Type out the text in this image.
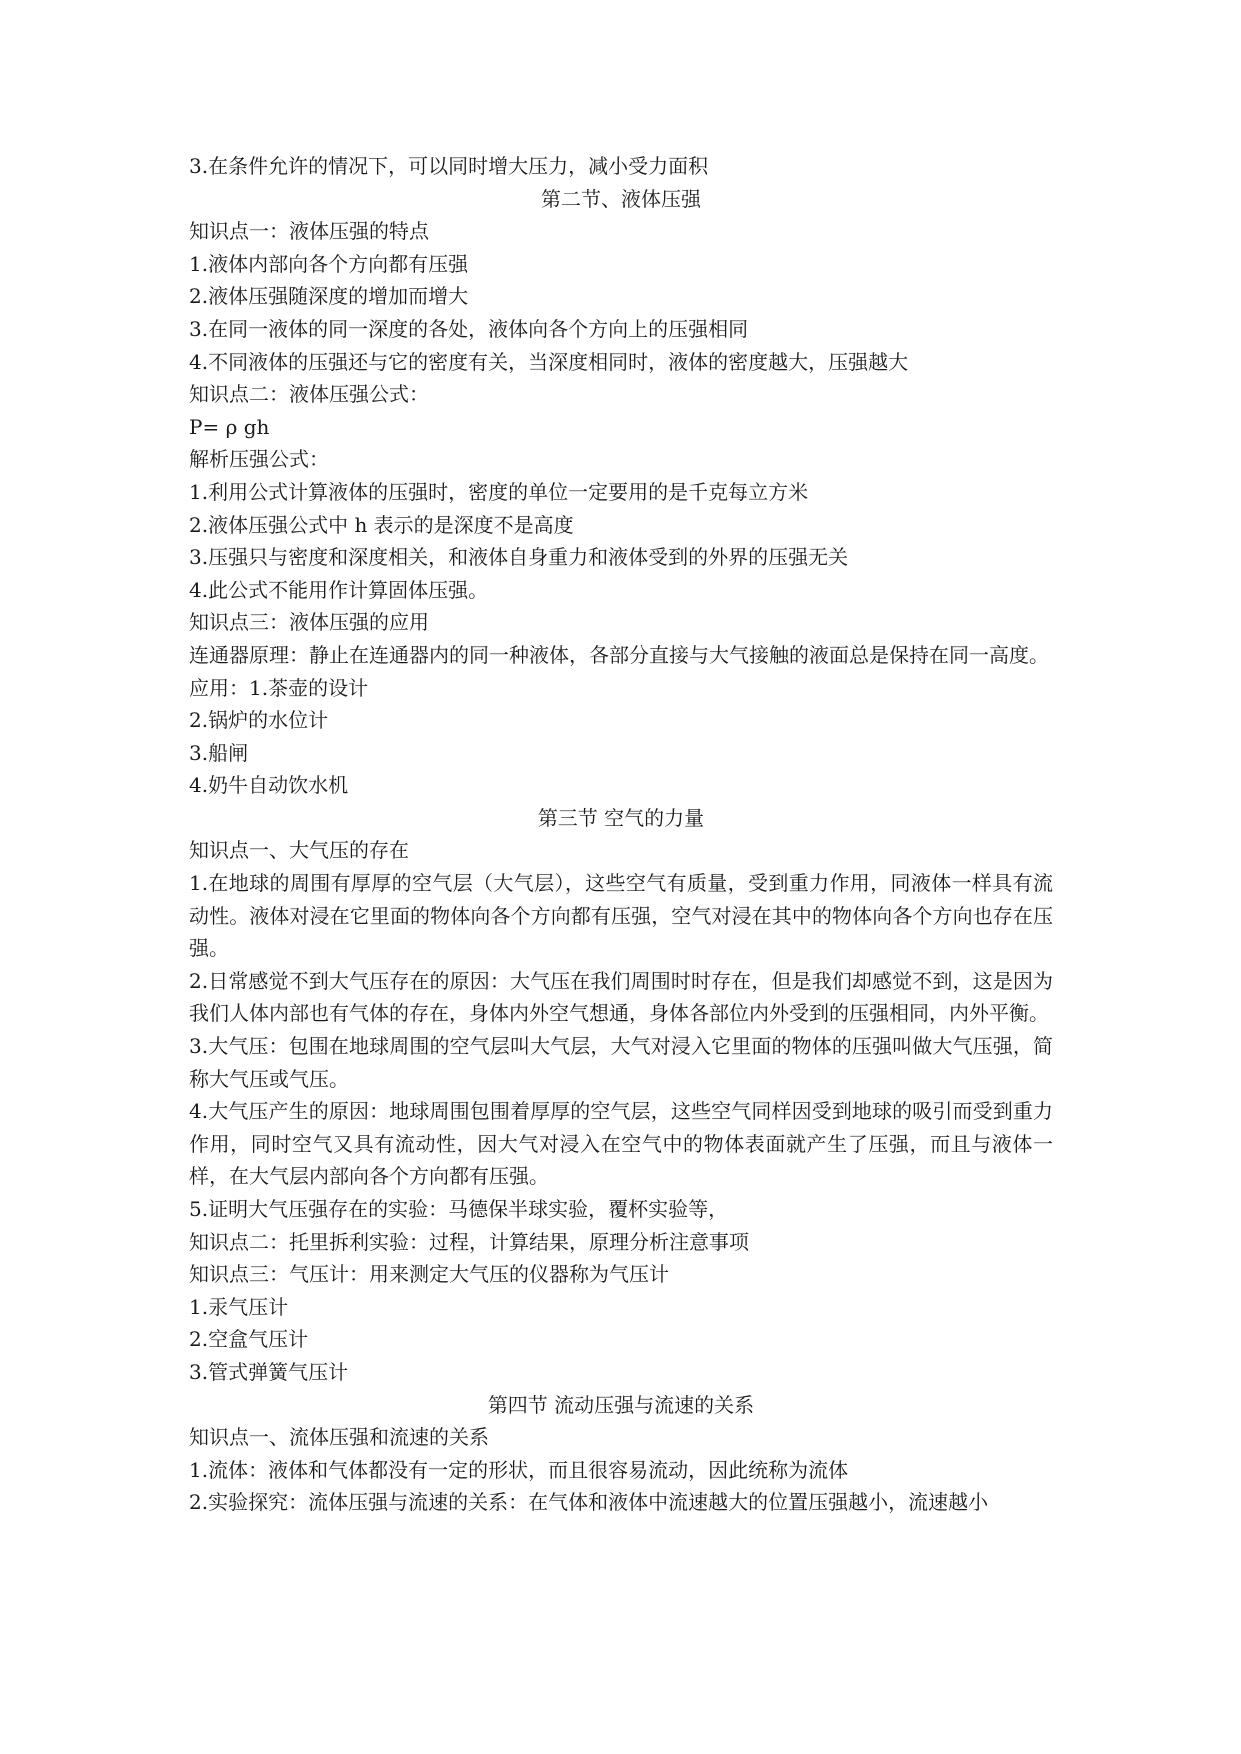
3.在条件允许的情况下，可以同时增大压力，减小受力面积
第二节、液体压强
知识点一：液体压强的特点
1.液体内部向各个方向都有压强
2.液体压强随深度的增加而增大
3.在同一液体的同一深度的各处，液体向各个方向上的压强相同
4.不同液体的压强还与它的密度有关，当深度相同时，液体的密度越大，压强越大
知识点二：液体压强公式：
P= ρ gh
解析压强公式：
1.利用公式计算液体的压强时，密度的单位一定要用的是千克每立方米
2.液体压强公式中 h 表示的是深度不是高度
3.压强只与密度和深度相关，和液体自身重力和液体受到的外界的压强无关
4.此公式不能用作计算固体压强。
知识点三：液体压强的应用
连通器原理：静止在连通器内的同一种液体，各部分直接与大气接触的液面总是保持在同一高度。
应用：1.茶壶的设计
2.锅炉的水位计
3.船闸
4.奶牛自动饮水机
第三节 空气的力量
知识点一、大气压的存在
1.在地球的周围有厚厚的空气层（大气层），这些空气有质量，受到重力作用，同液体一样具有流动性。液体对浸在它里面的物体向各个方向都有压强，空气对浸在其中的物体向各个方向也存在压强。
2.日常感觉不到大气压存在的原因：大气压在我们周围时时存在，但是我们却感觉不到，这是因为我们人体内部也有气体的存在，身体内外空气想通，身体各部位内外受到的压强相同，内外平衡。
3.大气压：包围在地球周围的空气层叫大气层，大气对浸入它里面的物体的压强叫做大气压强，简称大气压或气压。
4.大气压产生的原因：地球周围包围着厚厚的空气层，这些空气同样因受到地球的吸引而受到重力作用，同时空气又具有流动性，因大气对浸入在空气中的物体表面就产生了压强，而且与液体一样，在大气层内部向各个方向都有压强。
5.证明大气压强存在的实验：马德保半球实验，覆杯实验等，
知识点二：托里拆利实验：过程，计算结果，原理分析注意事项
知识点三：气压计：用来测定大气压的仪器称为气压计
1.汞气压计
2.空盒气压计
3.管式弹簧气压计
第四节 流动压强与流速的关系
知识点一、流体压强和流速的关系
1.流体：液体和气体都没有一定的形状，而且很容易流动，因此统称为流体
2.实验探究：流体压强与流速的关系：在气体和液体中流速越大的位置压强越小，流速越小
